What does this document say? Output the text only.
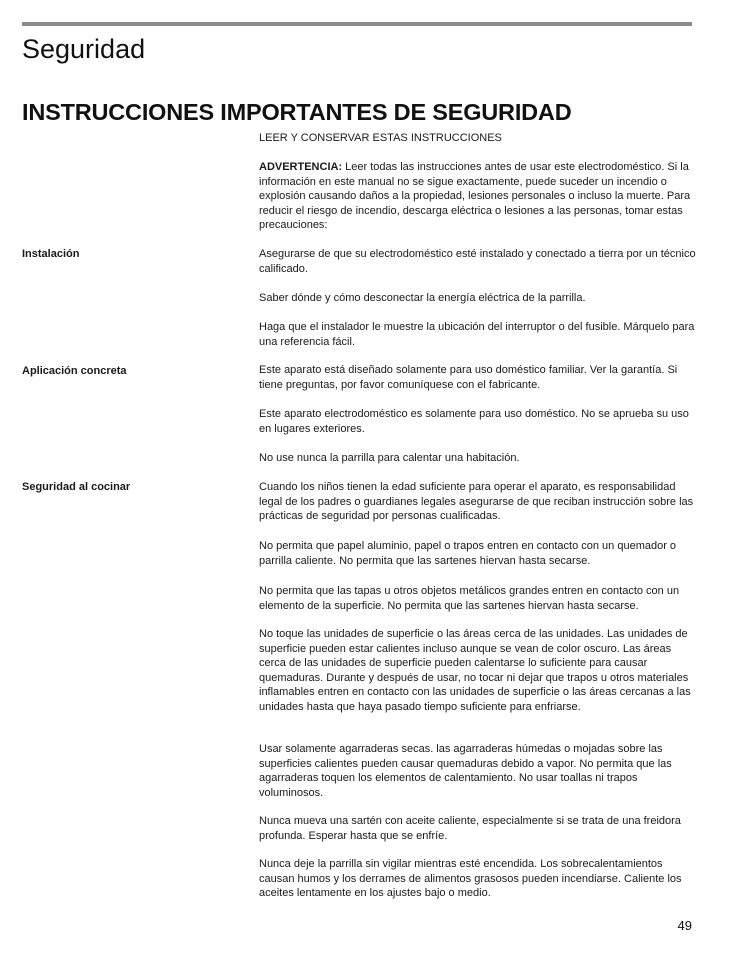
Seguridad
INSTRUCCIONES IMPORTANTES DE SEGURIDAD

LEER Y CONSERVAR ESTAS INSTRUCCIONES

ADVERTENCIA: Leer todas las instrucciones antes de usar este electrodoméstico. Si la información en este manual no se sigue exactamente, puede suceder un incendio o explosión causando daños a la propiedad, lesiones personales o incluso la muerte. Para reducir el riesgo de incendio, descarga eléctrica o lesiones a las personas, tomar estas precauciones:

Instalación	Asegurarse de que su electrodoméstico esté instalado y conectado a tierra por un técnico calificado.

Saber dónde y cómo desconectar la energía eléctrica de la parrilla.

Haga que el instalador le muestre la ubicación del interruptor o del fusible. Márquelo para una referencia fácil.

Aplicación concreta	Este aparato está diseñado solamente para uso doméstico familiar. Ver la garantía. Si tiene preguntas, por favor comuníquese con el fabricante.

Este aparato electrodoméstico es solamente para uso doméstico. No se aprueba su uso en lugares exteriores.

No use nunca la parrilla para calentar una habitación.

Seguridad al cocinar	Cuando los niños tienen la edad suficiente para operar el aparato, es responsabilidad legal de los padres o guardianes legales asegurarse de que reciban instrucción sobre las prácticas de seguridad por personas cualificadas.

No permita que papel aluminio, papel o trapos entren en contacto con un quemador o parrilla caliente. No permita que las sartenes hiervan hasta secarse.

No permita que las tapas u otros objetos metálicos grandes entren en contacto con un elemento de la superficie. No permita que las sartenes hiervan hasta secarse.

No toque las unidades de superficie o las áreas cerca de las unidades. Las unidades de superficie pueden estar calientes incluso aunque se vean de color oscuro. Las áreas cerca de las unidades de superficie pueden calentarse lo suficiente para causar quemaduras. Durante y después de usar, no tocar ni dejar que trapos u otros materiales inflamables entren en contacto con las unidades de superficie o las áreas cercanas a las unidades hasta que haya pasado tiempo suficiente para enfriarse.

Usar solamente agarraderas secas. las agarraderas húmedas o mojadas sobre las superficies calientes pueden causar quemaduras debido a vapor. No permita que las agarraderas toquen los elementos de calentamiento. No usar toallas ni trapos voluminosos.

Nunca mueva una sartén con aceite caliente, especialmente si se trata de una freidora profunda. Esperar hasta que se enfríe.

Nunca deje la parrilla sin vigilar mientras esté encendida. Los sobrecalentamientos causan humos y los derrames de alimentos grasosos pueden incendiarse. Caliente los aceites lentamente en los ajustes bajo o medio.

49
